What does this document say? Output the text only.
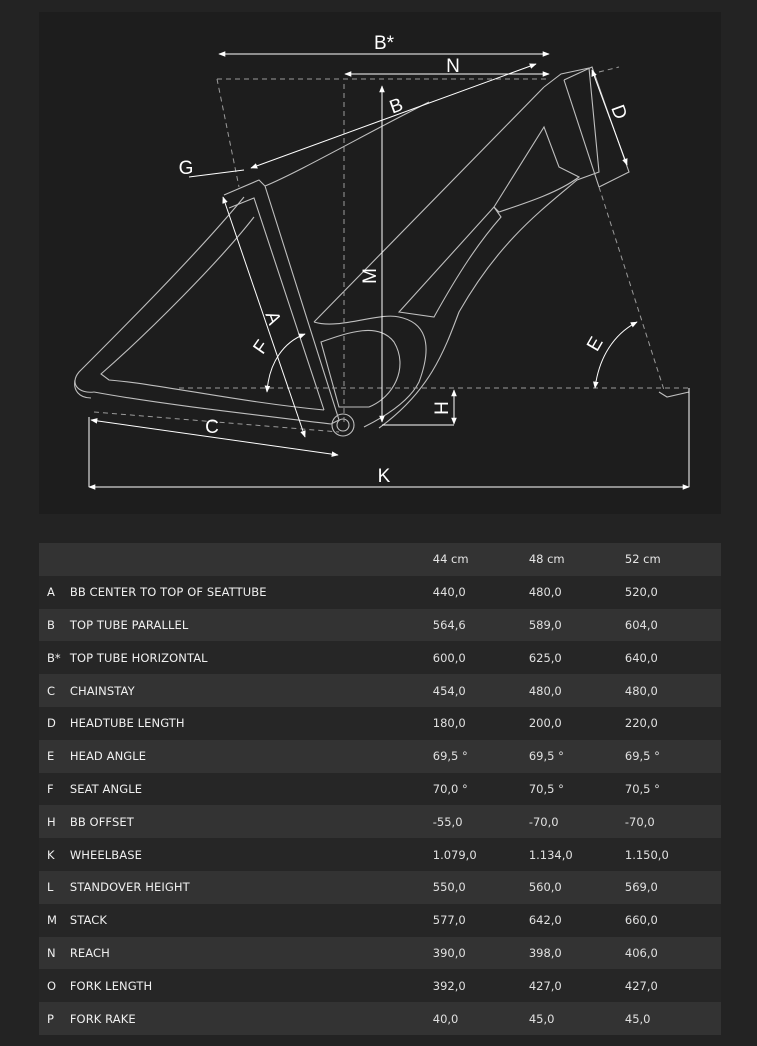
B*
N
B	D
G
M
A
F	E
H
C
K
		44 cm	48 cm	52 cm
A	BB CENTER TO TOP OF SEATTUBE	440,0	480,0	520,0
B	TOP TUBE PARALLEL	564,6	589,0	604,0
B*	TOP TUBE HORIZONTAL	600,0	625,0	640,0
C	CHAINSTAY	454,0	480,0	480,0
D	HEADTUBE LENGTH	180,0	200,0	220,0
E	HEAD ANGLE	69,5 °	69,5 °	69,5 °
F	SEAT ANGLE	70,0 °	70,5 °	70,5 °
H	BB OFFSET	-55,0	-70,0	-70,0
K	WHEELBASE	1.079,0	1.134,0	1.150,0
L	STANDOVER HEIGHT	550,0	560,0	569,0
M	STACK	577,0	642,0	660,0
N	REACH	390,0	398,0	406,0
O	FORK LENGTH	392,0	427,0	427,0
P	FORK RAKE	40,0	45,0	45,0
